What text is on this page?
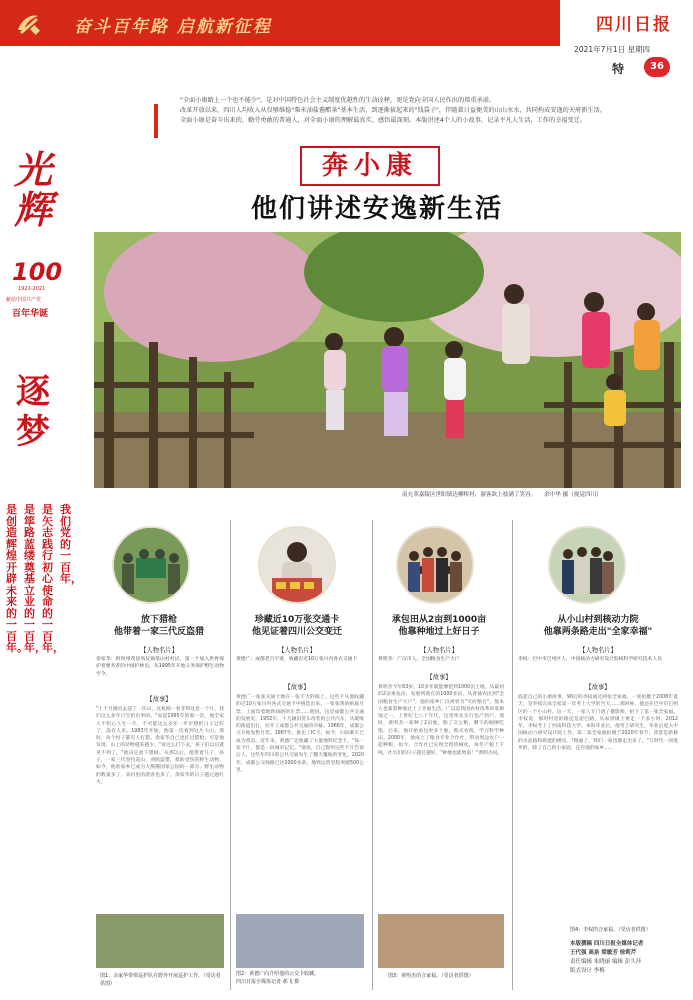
奋斗百年路 启航新征程	四川日报
2021年7月1日 星期四
特	36
光辉
100
1921-2021
献给中国共产党
百年华诞
逐梦
我们党的一百年，
是矢志践行初心使命的一百年，
是筚路蓝缕奠基立业的一百年，
是创造辉煌开辟未来的一百年。

"全面小康路上一个也不能少"，是对中国特色社会主义制度优越性的生动诠释，更是党向全国人民作出的郑重承诺。

改革开放以来，四川人均收入从仅够维稳"柴米油盐酱醋茶"基本生活，到逐渐拔起来的"钱袋子"，伴随着日益便美的山山水水，共同构成安逸的天府新生活。

全面小康是奋斗出来的，勤劳勇敢的普通人，对全面小康的理解最真实、感悟最深刻。本版讲述4个人的小故事，记录平凡人生活，工作的幸福变迁。

奔小康
他们讲述安逸新生活
南充革嘉陵区世阳镇达柳桥村，游客欲上枝满了笑容。 余中华 摄（视觉四川）
放下猎枪
他带着一家三代反盗猎
【人物名片】
余家华：阿坝州茂县凤仪镇茶山村村民，第一个加入世界保护着要务者的中国护林员，从1995年开始义务保护野生动物至今。
【故事】
"上个月刚出去巡了一次山，这机刚一看非得这是一个片，我们这么多年只生怕出事的。"说起1995年的那一次，他全家人不担心人生一片，不可能这么多年一步步想把日子过好了，没有人来。1983年开始，他第一次看到这片大山。那时，每个村子都有人打猎。余家华自己也扛过猎枪，可是他发现，山上的动物越来越少。"再这么打下去，孩子们以后就见不到了。"他决定放下猎枪。从那以后，他带着儿子、孙子，一家三代坚持巡山，劝阻盗猎，救助受伤的野生动物。如今，他的家乡已成为大熊猫国家公园的一部分。野生动物的数量多了，来村里的游客也多了，余家华的日子越过越红火。
图1：余家华带领巡护队在野外开展巡护工作。（受访者供图）
珍藏近10万张交通卡
他见证着四川公交变迁
【人物名片】
黄德广：成都老百字迷，收藏有近10万张川内各式交通卡
【故事】
黄德广一张张交通卡地在一张不大的纸上，这些卡从他收藏的近10万张川内各式交通卡中挑选出来。一张张黄的纸质月票、上面印着地铁线路的车票……他说，这是成都公共交通的发展史。1952年，十几辆旧货车改装的公共汽车，从破败的街道出行，拉开了成都公共交通的序幕。1966年，成都公交开始发售月票。1987年，推出了IC卡。如今，扫码乘车已成为常态。近年来，黄德广还收藏了大量地铁纪念卡。"每一张卡片，都是一段城市记忆。"他说，自己想用这些卡片告诉后人，这些年四川的公共交通发生了翻天覆地的变化。2020年，成都公交线路已达1000多条，地铁运营里程突破500公里。
图2：黄德广向介绍他的公交卡收藏。
四川日报全媒体记者 郝飞 摄
承包田从2亩到1000亩
他靠种地过上好日子
【人物名片】
黄明杰：广汉市人，全国粮食生产大户
【故事】
黄明杰今年63岁，10多年就能摩把到1000亩土地，从最初的2亩承包田，发展到现在的1000多亩，从普通农民到"全国粮食生产大户"，他的家乡广汉被誉为"天府粮仓"。他本人也靠着种地过上了幸福生活。广汉是我国农村改革的发源地之一，上世纪七八十年代，这里率先实行包产到户。那时，黄明杰一家种了2亩地，除了交公粮，剩下的刚够吃饱。后来，他开始承包更多土地，购买农机，学习科学种田。2000年，他成立了粮食专业合作社，带动周边农户一起种粮。如今，合作社已实现全程机械化，每年产粮上千吨，社员们的日子越过越好。"种地也能致富！"黄明杰说。
图3：黄明杰的合家福。（受访者供图）
从小山村到核动力院
他靠两条路走出"全家幸福"
【人物名片】
李权：巴中市巴州区人，中国核动力研究设计院核科学研究技术人员
【故事】
底起自己的小康故事，90后的李权通过两张全家福，一张拍摄于2008年夏天，是李权完成全家第一次考上大学的当天……那时候，他还在巴中市巴州区的一个小山村。这一天，一家人专门请了摄影师，拍下了第一张全家福。李权说，那时村里的路还是泥巴路，从家到镇上要走一个多小时。2012年，李权考上了西南科技大学。本科毕业后，他考上研究生，毕业后进入中国核动力研究设计院工作。第二张全家福拍摄于2020年春节，背景是新修的水泥路和新建的楼房。"路通了，我们一家也都走出来了。"与时代一同进步的，除了自己的小家庭，还有他的家乡……
图4：李权的合家福。（受访者供图）
本版撰稿 四川日报全媒体记者
王代强 高泉 梁敏芳 徐莉芹
责任编辑 朱晓丽 编辑 彭久莎
版式设计 李梅
